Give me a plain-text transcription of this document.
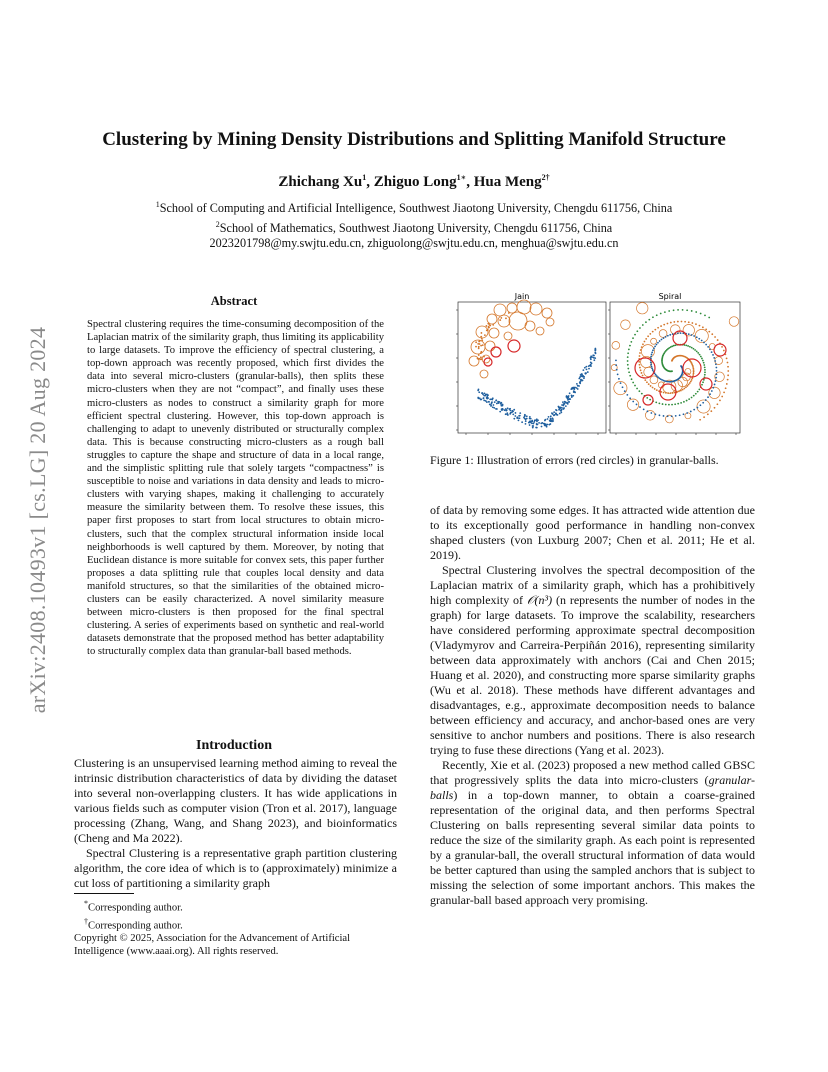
arXiv:2408.10493v1 [cs.LG] 20 Aug 2024
Clustering by Mining Density Distributions and Splitting Manifold Structure
Zhichang Xu$^1$, Zhiguo Long$^{1∗}$, Hua Meng$^{2\dagger}$
$^1$School of Computing and Artificial Intelligence, Southwest Jiaotong University, Chengdu 611756, China
$^2$School of Mathematics, Southwest Jiaotong University, Chengdu 611756, China
2023201798@my.swjtu.edu.cn, zhiguolong@swjtu.edu.cn, menghua@swjtu.edu.cn
Abstract
Spectral clustering requires the time-consuming decomposition of the Laplacian matrix of the similarity graph, thus limiting its applicability to large datasets. To improve the efficiency of spectral clustering, a top-down approach was recently proposed, which first divides the data into several micro-clusters (granular-balls), then splits these micro-clusters when they are not “compact”, and finally uses these micro-clusters as nodes to construct a similarity graph for more efficient spectral clustering. However, this top-down approach is challenging to adapt to unevenly distributed or structurally complex data. This is because constructing micro-clusters as a rough ball struggles to capture the shape and structure of data in a local range, and the simplistic splitting rule that solely targets “compactness” is susceptible to noise and variations in data density and leads to micro-clusters with varying shapes, making it challenging to accurately measure the similarity between them. To resolve these issues, this paper first proposes to start from local structures to obtain micro-clusters, such that the complex structural information inside local neighborhoods is well captured by them. Moreover, by noting that Euclidean distance is more suitable for convex sets, this paper further proposes a data splitting rule that couples local density and data manifold structures, so that the similarities of the obtained micro-clusters can be easily characterized. A novel similarity measure between micro-clusters is then proposed for the final spectral clustering. A series of experiments based on synthetic and real-world datasets demonstrate that the proposed method has better adaptability to structurally complex data than granular-ball based methods.
Introduction

Clustering is an unsupervised learning method aiming to reveal the intrinsic distribution characteristics of data by dividing the dataset into several non-overlapping clusters. It has wide applications in various fields such as computer vision (Tron et al. 2017), language processing (Zhang, Wang, and Shang 2023), and bioinformatics (Cheng and Ma 2022).

Spectral Clustering is a representative graph partition clustering algorithm, the core idea of which is to (approximately) minimize a cut loss of partitioning a similarity graph

*Corresponding author.

†Corresponding author.

Copyright © 2025, Association for the Advancement of Artificial Intelligence (www.aaai.org). All rights reserved.

Jain	Spiral
Figure 1: Illustration of errors (red circles) in granular-balls.

of data by removing some edges. It has attracted wide attention due to its exceptionally good performance in handling non-convex shaped clusters (von Luxburg 2007; Chen et al. 2011; He et al. 2019).

Spectral Clustering involves the spectral decomposition of the Laplacian matrix of a similarity graph, which has a prohibitively high complexity of 𝒪(n³) (n represents the number of nodes in the graph) for large datasets. To improve the scalability, researchers have considered performing approximate spectral decomposition (Vladymyrov and Carreira-Perpiñán 2016), representing similarity between data approximately with anchors (Cai and Chen 2015; Huang et al. 2020), and constructing more sparse similarity graphs (Wu et al. 2018). These methods have different advantages and disadvantages, e.g., approximate decomposition needs to balance between efficiency and accuracy, and anchor-based ones are very sensitive to anchor numbers and positions. There is also research trying to fuse these directions (Yang et al. 2023).

Recently, Xie et al. (2023) proposed a new method called GBSC that progressively splits the data into micro-clusters (granular-balls) in a top-down manner, to obtain a coarse-grained representation of the original data, and then performs Spectral Clustering on balls representing several similar data points to reduce the size of the similarity graph. As each point is represented by a granular-ball, the overall structural information of data would be better captured than using the sampled anchors that is subject to missing the selection of some important anchors. This makes the granular-ball based approach very promising.
